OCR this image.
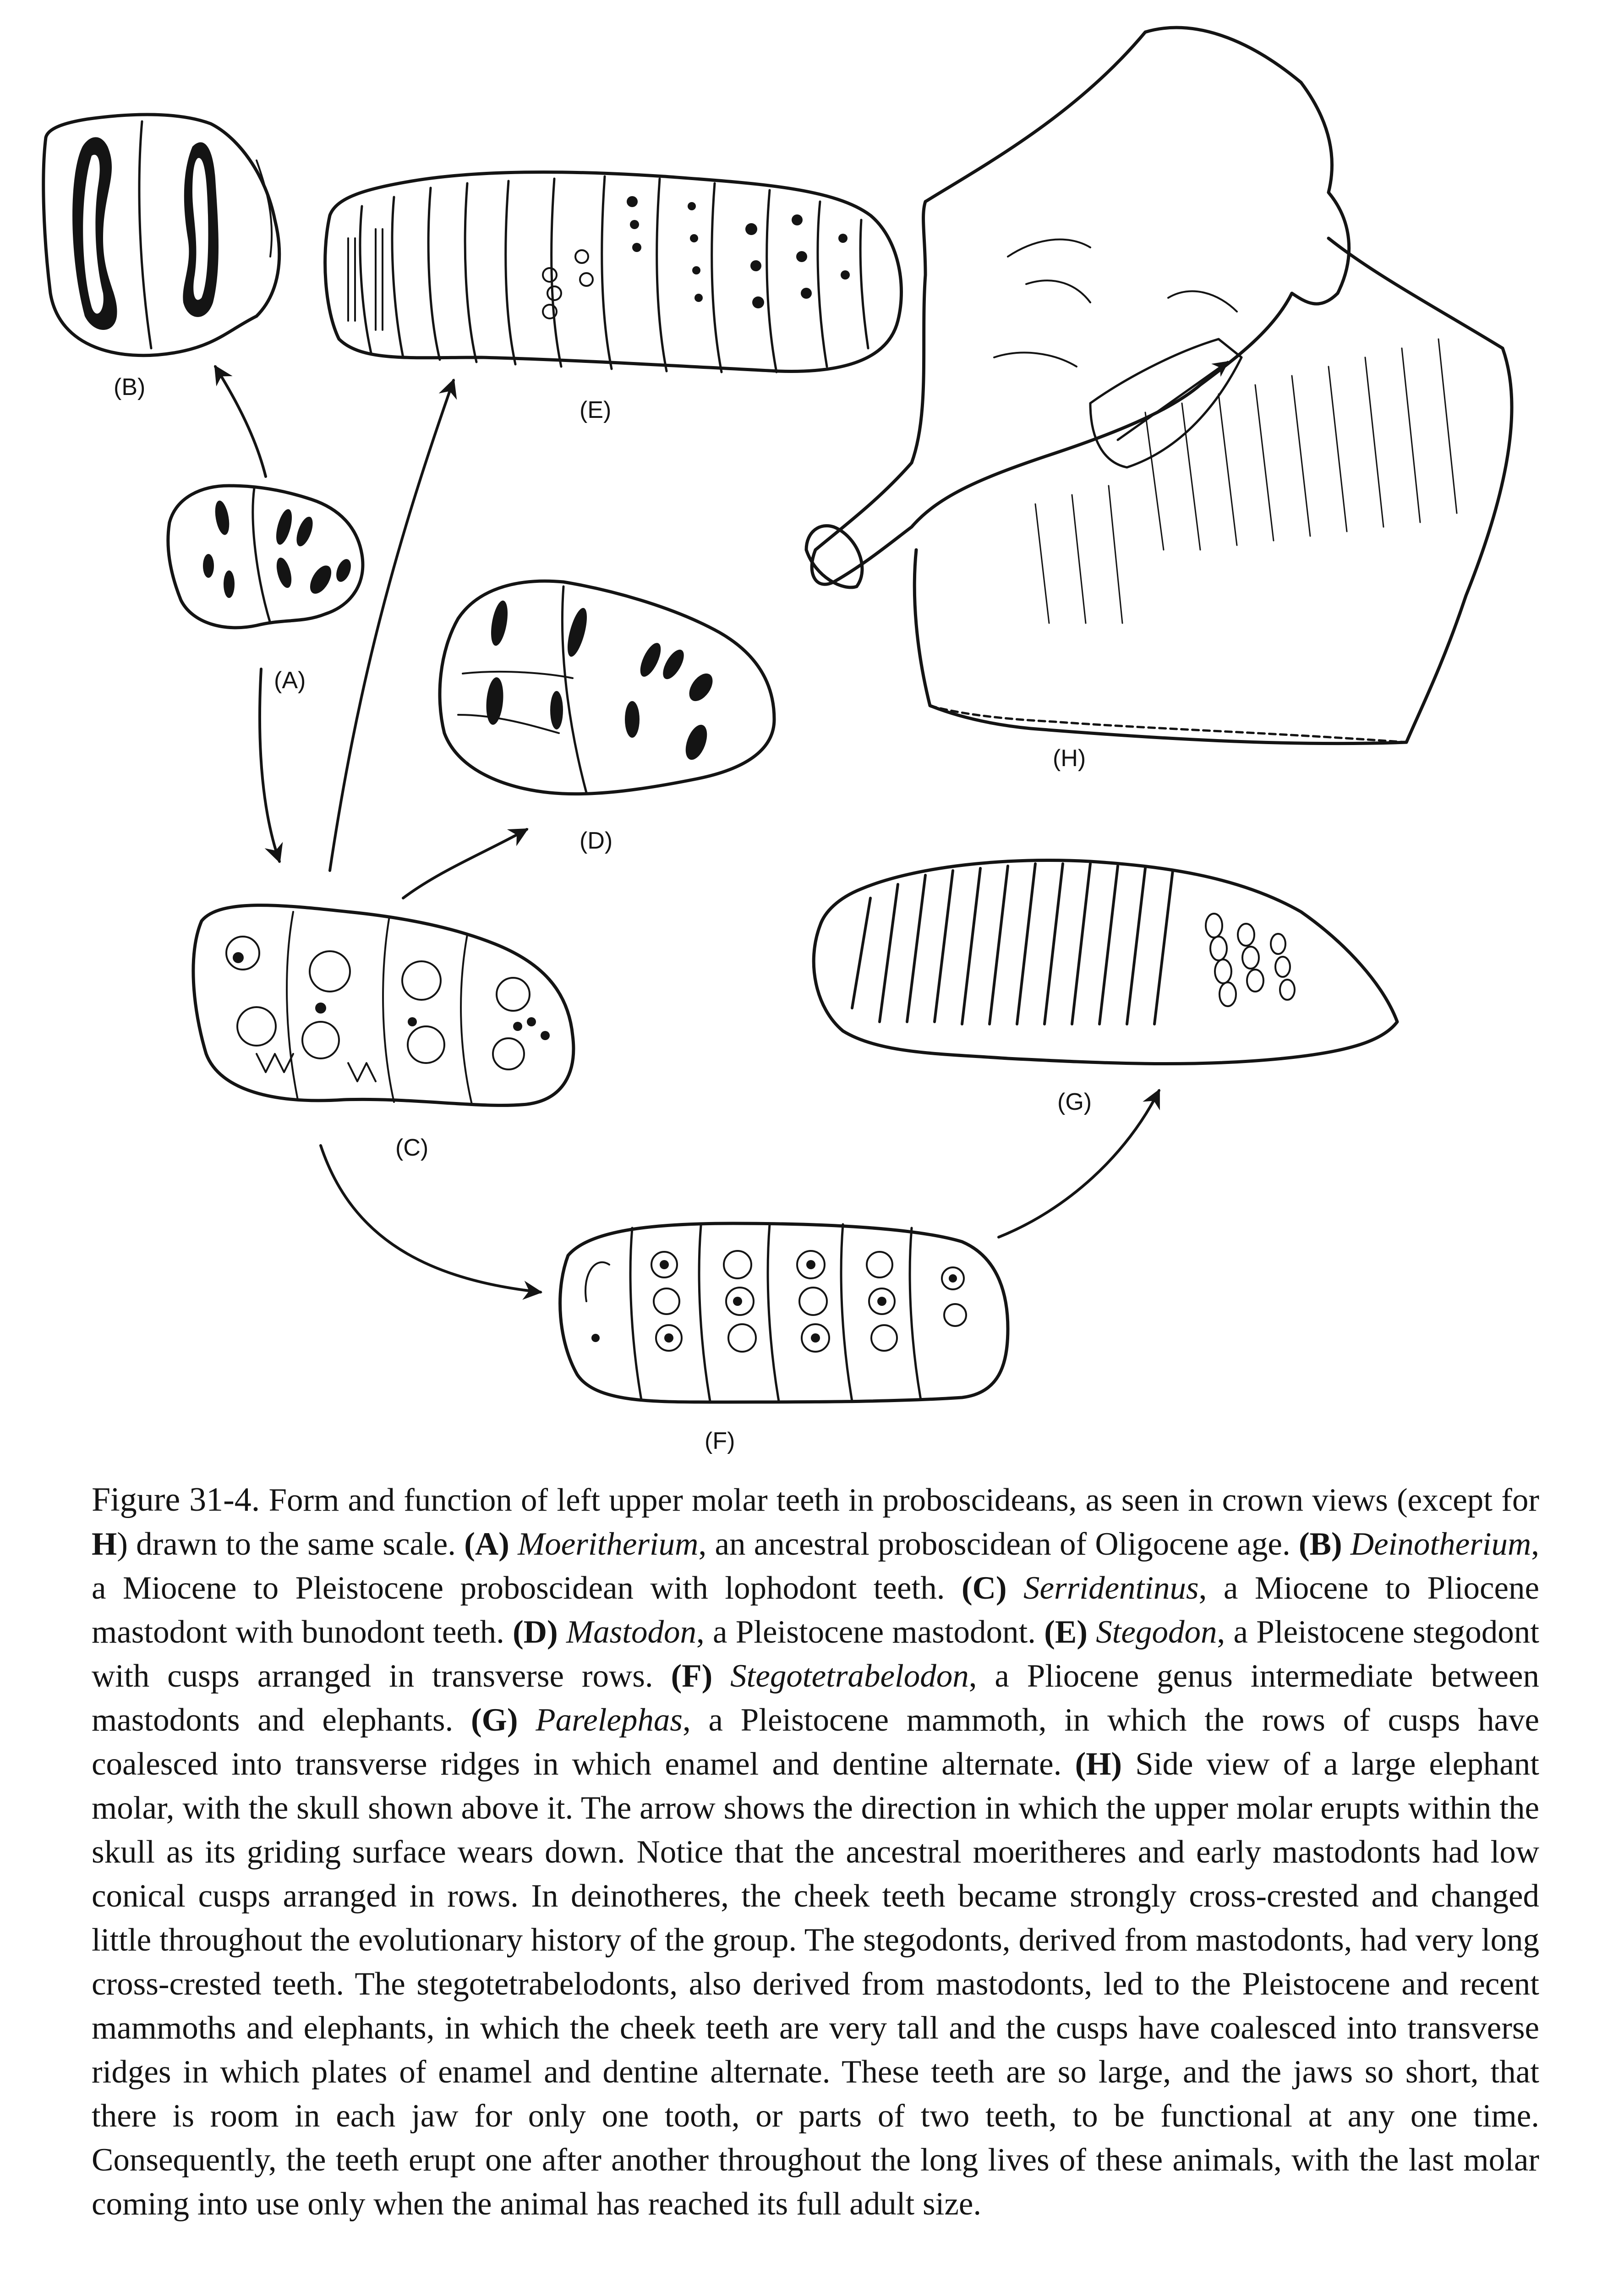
(B)
(A)
(E)
(D)
(H)
(C)
(G)
(F)

Figure 31-4. Form and function of left upper molar teeth in proboscideans, as seen in crown views (except for H) drawn to the same scale. (A) Moeritherium, an ancestral proboscidean of Oligocene age. (B) Deinotherium, a Miocene to Pleistocene proboscidean with lophodont teeth. (C) Serridentinus, a Miocene to Pliocene mastodont with bunodont teeth. (D) Mastodon, a Pleistocene mastodont. (E) Stegodon, a Pleistocene stegodont with cusps arranged in transverse rows. (F) Stegotetrabelodon, a Pliocene genus intermediate between mastodonts and elephants. (G) Parelephas, a Pleistocene mammoth, in which the rows of cusps have coalesced into transverse ridges in which enamel and dentine alternate. (H) Side view of a large elephant molar, with the skull shown above it. The arrow shows the direction in which the upper molar erupts within the skull as its griding surface wears down. Notice that the ancestral moeritheres and early mastodonts had low conical cusps arranged in rows. In deinotheres, the cheek teeth became strongly cross-crested and changed little throughout the evolutionary history of the group. The stegodonts, derived from mastodonts, had very long cross-crested teeth. The stegotetrabelodonts, also derived from mastodonts, led to the Pleistocene and recent mammoths and elephants, in which the cheek teeth are very tall and the cusps have coalesced into transverse ridges in which plates of enamel and dentine alternate. These teeth are so large, and the jaws so short, that there is room in each jaw for only one tooth, or parts of two teeth, to be functional at any one time. Consequently, the teeth erupt one after another throughout the long lives of these animals, with the last molar coming into use only when the animal has reached its full adult size.
